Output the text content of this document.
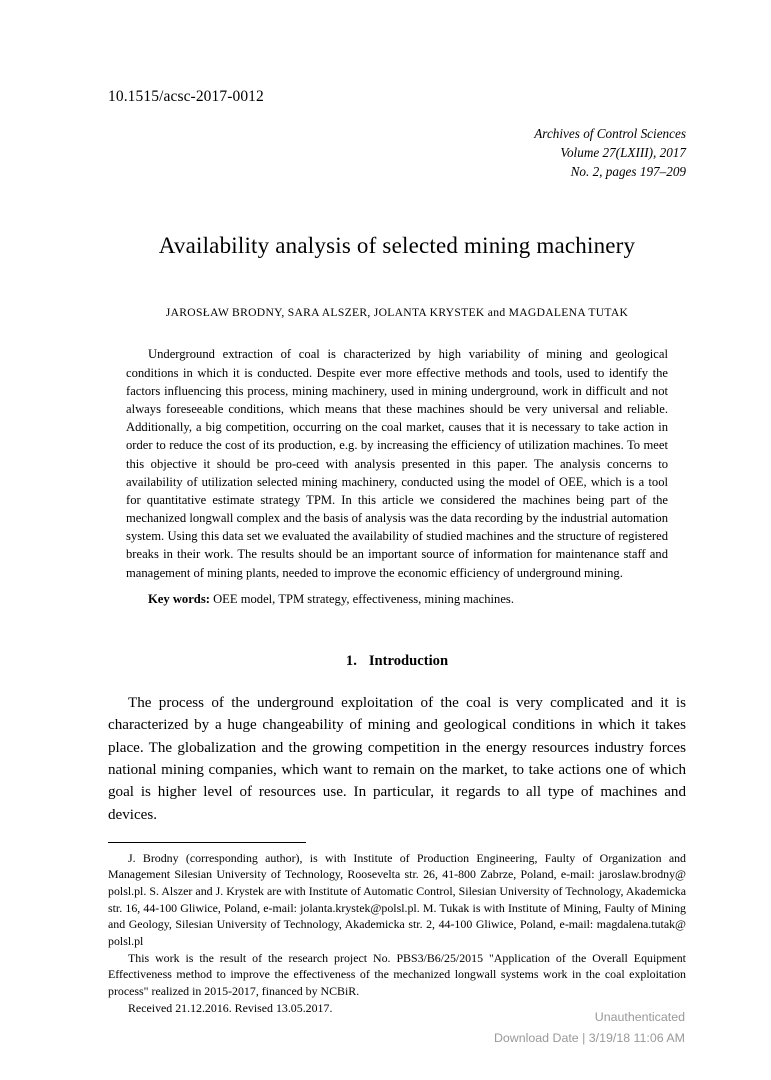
10.1515/acsc-2017-0012
Archives of Control Sciences
Volume 27(LXIII), 2017
No. 2, pages 197–209
Availability analysis of selected mining machinery
JAROSŁAW BRODNY, SARA ALSZER, JOLANTA KRYSTEK and MAGDALENA TUTAK

Underground extraction of coal is characterized by high variability of mining and geological conditions in which it is conducted. Despite ever more effective methods and tools, used to identify the factors influencing this process, mining machinery, used in mining underground, work in difficult and not always foreseeable conditions, which means that these machines should be very universal and reliable. Additionally, a big competition, occurring on the coal market, causes that it is necessary to take action in order to reduce the cost of its production, e.g. by increasing the efficiency of utilization machines. To meet this objective it should be pro-ceed with analysis presented in this paper. The analysis concerns to availability of utilization selected mining machinery, conducted using the model of OEE, which is a tool for quantitative estimate strategy TPM. In this article we considered the machines being part of the mechanized longwall complex and the basis of analysis was the data recording by the industrial automation system. Using this data set we evaluated the availability of studied machines and the structure of registered breaks in their work. The results should be an important source of information for maintenance staff and management of mining plants, needed to improve the economic efficiency of underground mining.

Key words: OEE model, TPM strategy, effectiveness, mining machines.
1. Introduction

The process of the underground exploitation of the coal is very complicated and it is characterized by a huge changeability of mining and geological conditions in which it takes place. The globalization and the growing competition in the energy resources industry forces national mining companies, which want to remain on the market, to take actions one of which goal is higher level of resources use. In particular, it regards to all type of machines and devices.

J. Brodny (corresponding author), is with Institute of Production Engineering, Faulty of Organization and Management Silesian University of Technology, Roosevelta str. 26, 41-800 Zabrze, Poland, e-mail: jaroslaw.brodny@ polsl.pl. S. Alszer and J. Krystek are with Institute of Automatic Control, Silesian University of Technology, Akademicka str. 16, 44-100 Gliwice, Poland, e-mail: jolanta.krystek@polsl.pl. M. Tukak is with Institute of Mining, Faulty of Mining and Geology, Silesian University of Technology, Akademicka str. 2, 44-100 Gliwice, Poland, e-mail: magdalena.tutak@ polsl.pl

This work is the result of the research project No. PBS3/B6/25/2015 "Application of the Overall Equipment Effectiveness method to improve the effectiveness of the mechanized longwall systems work in the coal exploitation process" realized in 2015-2017, financed by NCBiR.

Received 21.12.2016. Revised 13.05.2017.

Unauthenticated
Download Date | 3/19/18 11:06 AM
